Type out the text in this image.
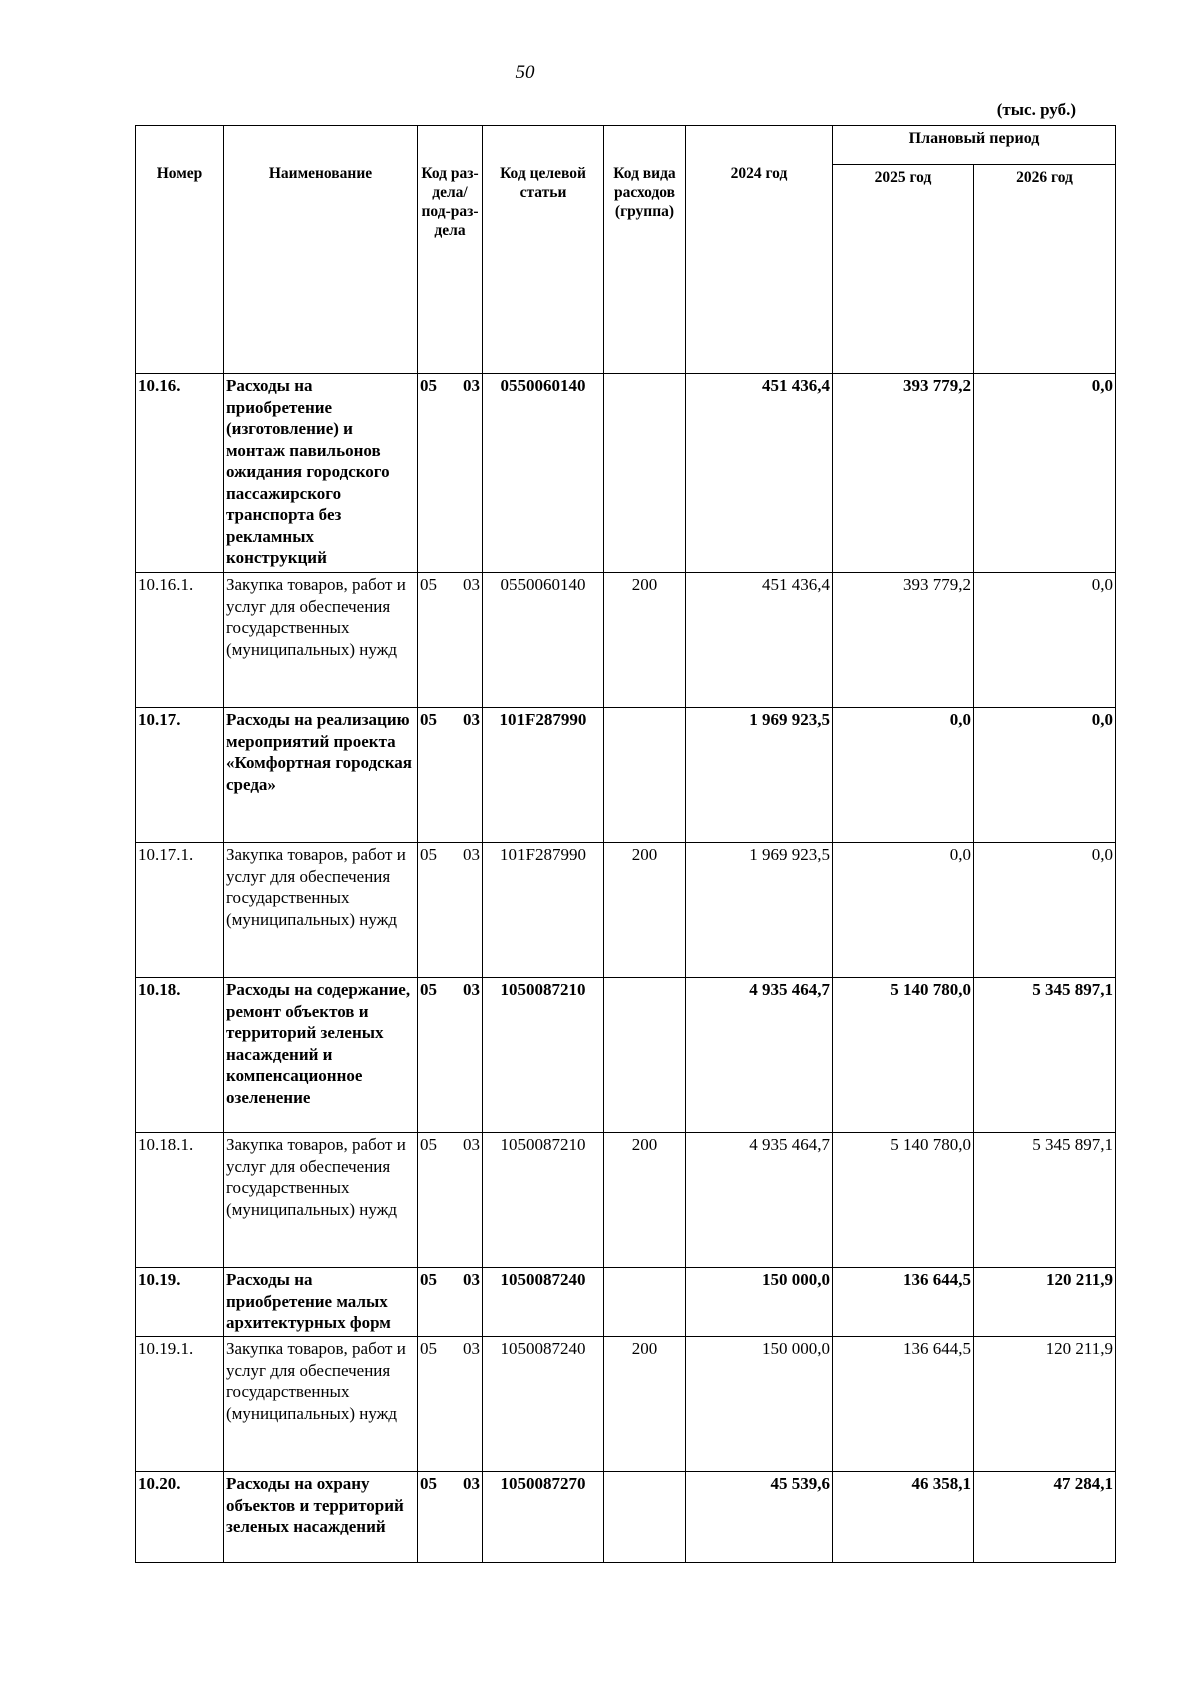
50
(тыс. руб.)
Номер	Наименование	Код раз-дела/ под-раз-дела	Код целевой статьи	Код вида расходов (группа)	2024 год	Плановый период	
						2025 год	2026 год
10.16.	Расходы на приобретение (изготовление) и монтаж павильонов ожидания городского пассажирского транспорта без рекламных конструкций	05 03	0550060140		451 436,4	393 779,2	0,0
10.16.1.	Закупка товаров, работ и услуг для обеспечения государственных (муниципальных) нужд	05 03	0550060140	200	451 436,4	393 779,2	0,0
10.17.	Расходы на реализацию мероприятий проекта «Комфортная городская среда»	05 03	101F287990		1 969 923,5	0,0	0,0
10.17.1.	Закупка товаров, работ и услуг для обеспечения государственных (муниципальных) нужд	05 03	101F287990	200	1 969 923,5	0,0	0,0
10.18.	Расходы на содержание, ремонт объектов и территорий зеленых насаждений и компенсационное озеленение	05 03	1050087210		4 935 464,7	5 140 780,0	5 345 897,1
10.18.1.	Закупка товаров, работ и услуг для обеспечения государственных (муниципальных) нужд	05 03	1050087210	200	4 935 464,7	5 140 780,0	5 345 897,1
10.19.	Расходы на приобретение малых архитектурных форм	05 03	1050087240		150 000,0	136 644,5	120 211,9
10.19.1.	Закупка товаров, работ и услуг для обеспечения государственных (муниципальных) нужд	05 03	1050087240	200	150 000,0	136 644,5	120 211,9
10.20.	Расходы на охрану объектов и территорий зеленых насаждений	05 03	1050087270		45 539,6	46 358,1	47 284,1
